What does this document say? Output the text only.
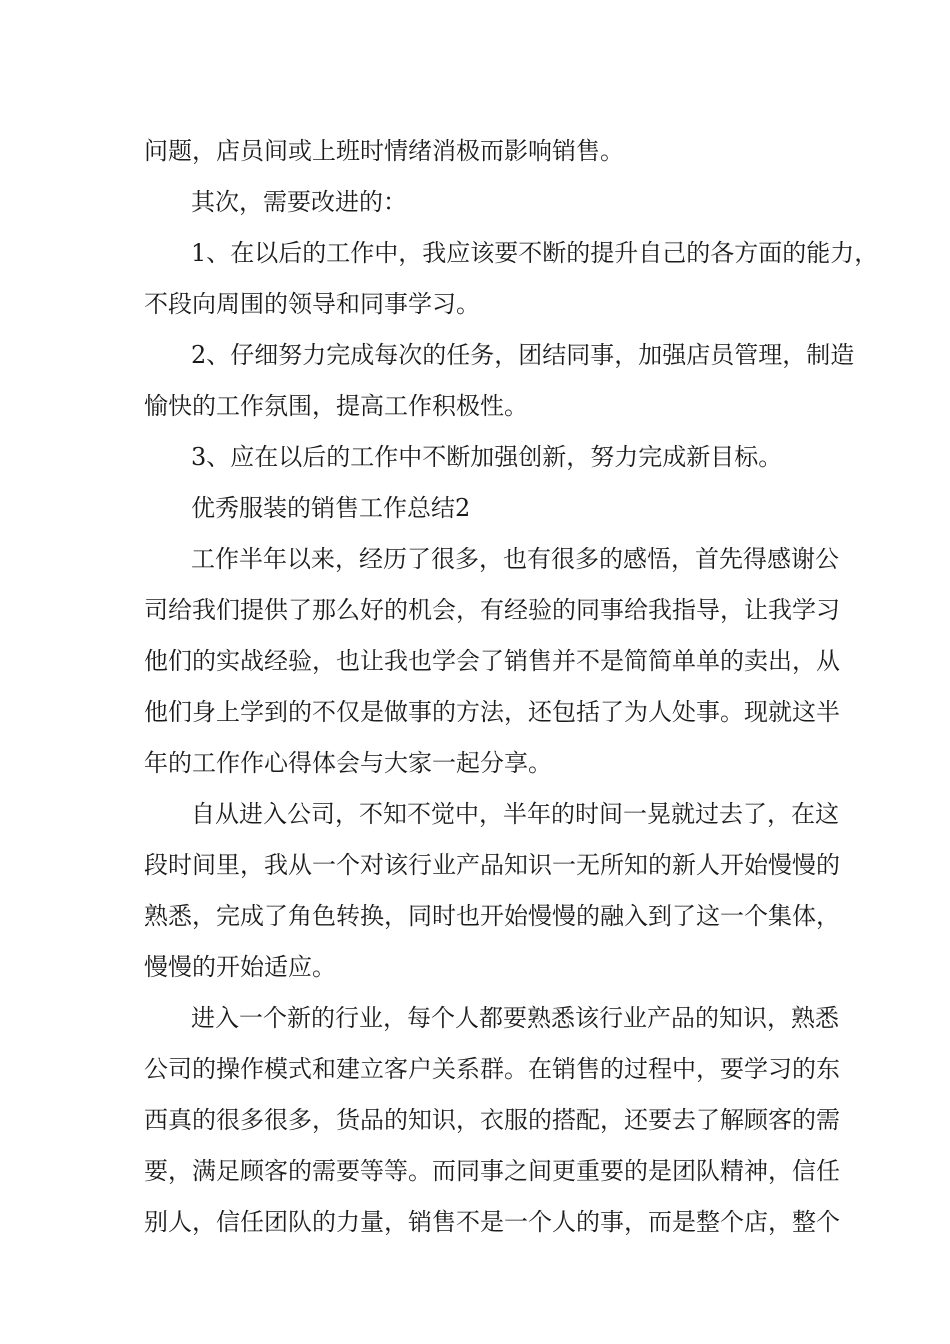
问题，店员间或上班时情绪消极而影响销售。
其次，需要改进的：
1、在以后的工作中，我应该要不断的提升自己的各方面的能力，
不段向周围的领导和同事学习。
2、仔细努力完成每次的任务，团结同事，加强店员管理，制造
愉快的工作氛围，提高工作积极性。
3、应在以后的工作中不断加强创新，努力完成新目标。
优秀服装的销售工作总结2
工作半年以来，经历了很多，也有很多的感悟，首先得感谢公
司给我们提供了那么好的机会，有经验的同事给我指导，让我学习
他们的实战经验，也让我也学会了销售并不是简简单单的卖出，从
他们身上学到的不仅是做事的方法，还包括了为人处事。现就这半
年的工作作心得体会与大家一起分享。
自从进入公司，不知不觉中，半年的时间一晃就过去了，在这
段时间里，我从一个对该行业产品知识一无所知的新人开始慢慢的
熟悉，完成了角色转换，同时也开始慢慢的融入到了这一个集体，
慢慢的开始适应。
进入一个新的行业，每个人都要熟悉该行业产品的知识，熟悉
公司的操作模式和建立客户关系群。在销售的过程中，要学习的东
西真的很多很多，货品的知识，衣服的搭配，还要去了解顾客的需
要，满足顾客的需要等等。而同事之间更重要的是团队精神，信任
别人，信任团队的力量，销售不是一个人的事，而是整个店，整个
